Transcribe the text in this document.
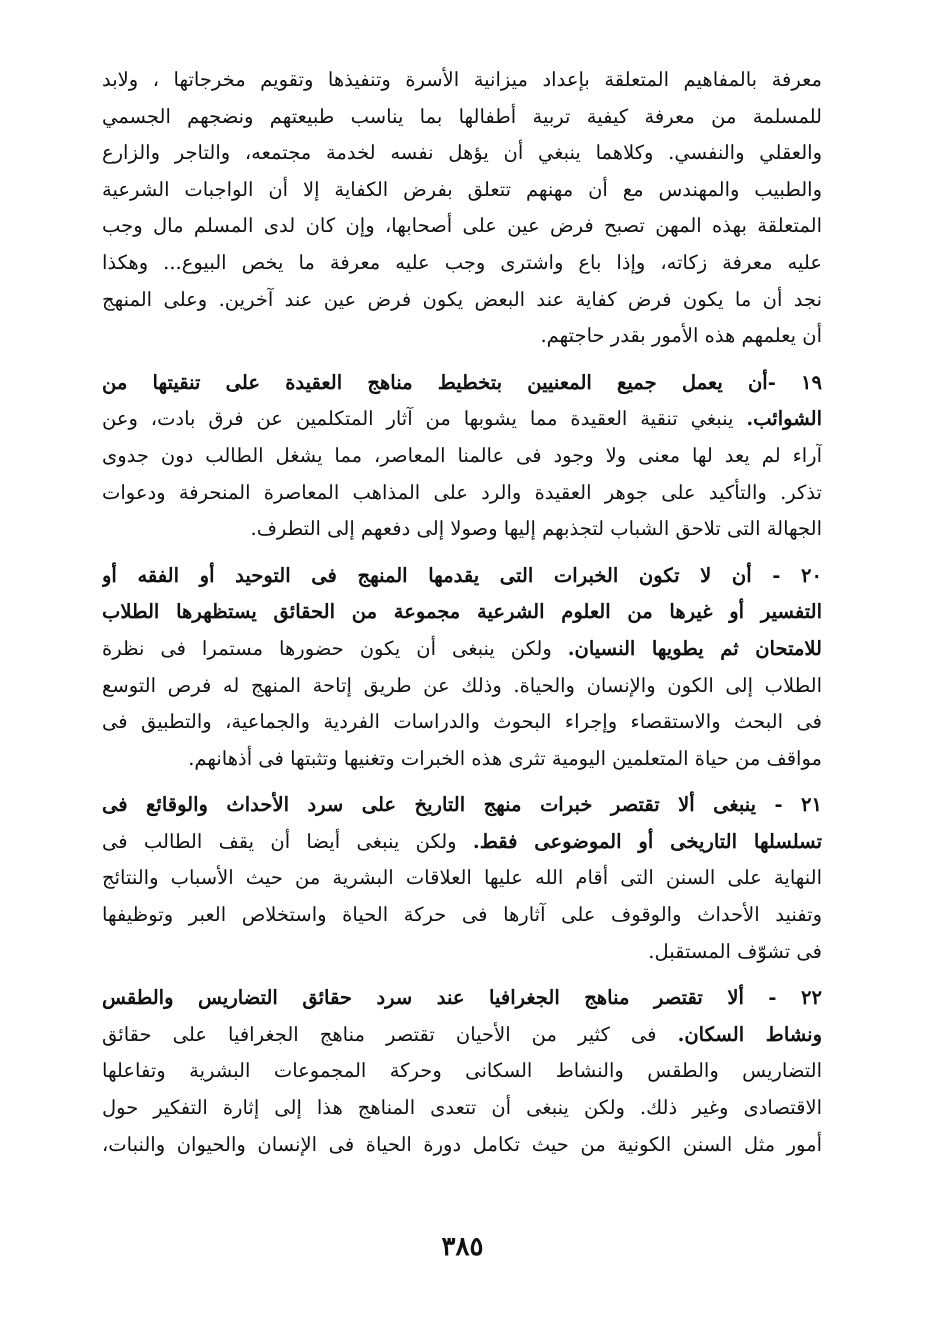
معرفة بالمفاهيم المتعلقة بإعداد ميزانية الأسرة وتنفيذها وتقويم مخرجاتها ، ولابد
للمسلمة من معرفة كيفية تربية أطفالها بما يناسب طبيعتهم ونضجهم الجسمي
والعقلي والنفسي. وكلاهما ينبغي أن يؤهل نفسه لخدمة مجتمعه، والتاجر والزارع
والطبيب والمهندس مع أن مهنهم تتعلق بفرض الكفاية إلا أن الواجبات الشرعية
المتعلقة بهذه المهن تصبح فرض عين على أصحابها، وإن كان لدى المسلم مال وجب
عليه معرفة زكاته، وإذا باع واشترى وجب عليه معرفة ما يخص البيوع... وهكذا
نجد أن ما يكون فرض كفاية عند البعض يكون فرض عين عند آخرين. وعلى المنهج
أن يعلمهم هذه الأمور بقدر حاجتهم.
١٩ -أن يعمل جميع المعنيين بتخطيط مناهج العقيدة على تنقيتها من
الشوائب. ينبغي تنقية العقيدة مما يشوبها من آثار المتكلمين عن فرق بادت، وعن
آراء لم يعد لها معنى ولا وجود فى عالمنا المعاصر، مما يشغل الطالب دون جدوى
تذكر. والتأكيد على جوهر العقيدة والرد على المذاهب المعاصرة المنحرفة ودعوات
الجهالة التى تلاحق الشباب لتجذبهم إليها وصولا إلى دفعهم إلى التطرف.
٢٠ - أن لا تكون الخبرات التى يقدمها المنهج فى التوحيد أو الفقه أو
التفسير أو غيرها من العلوم الشرعية مجموعة من الحقائق يستظهرها الطلاب
للامتحان ثم يطويها النسيان. ولكن ينبغى أن يكون حضورها مستمرا فى نظرة
الطلاب إلى الكون والإنسان والحياة. وذلك عن طريق إتاحة المنهج له فرص التوسع
فى البحث والاستقصاء وإجراء البحوث والدراسات الفردية والجماعية، والتطبيق فى
مواقف من حياة المتعلمين اليومية تثرى هذه الخبرات وتغنيها وتثبتها فى أذهانهم.
٢١ - ينبغى ألا تقتصر خبرات منهج التاريخ على سرد الأحداث والوقائع فى
تسلسلها التاريخى أو الموضوعى فقط. ولكن ينبغى أيضا أن يقف الطالب فى
النهاية على السنن التى أقام الله عليها العلاقات البشرية من حيث الأسباب والنتائج
وتفنيد الأحداث والوقوف على آثارها فى حركة الحياة واستخلاص العبر وتوظيفها
فى تشوّف المستقبل.
٢٢ - ألا تقتصر مناهج الجغرافيا عند سرد حقائق التضاريس والطقس
ونشاط السكان. فى كثير من الأحيان تقتصر مناهج الجغرافيا على حقائق
التضاريس والطقس والنشاط السكانى وحركة المجموعات البشرية وتفاعلها
الاقتصادى وغير ذلك. ولكن ينبغى أن تتعدى المناهج هذا إلى إثارة التفكير حول
أمور مثل السنن الكونية من حيث تكامل دورة الحياة فى الإنسان والحيوان والنبات،
٣٨٥
